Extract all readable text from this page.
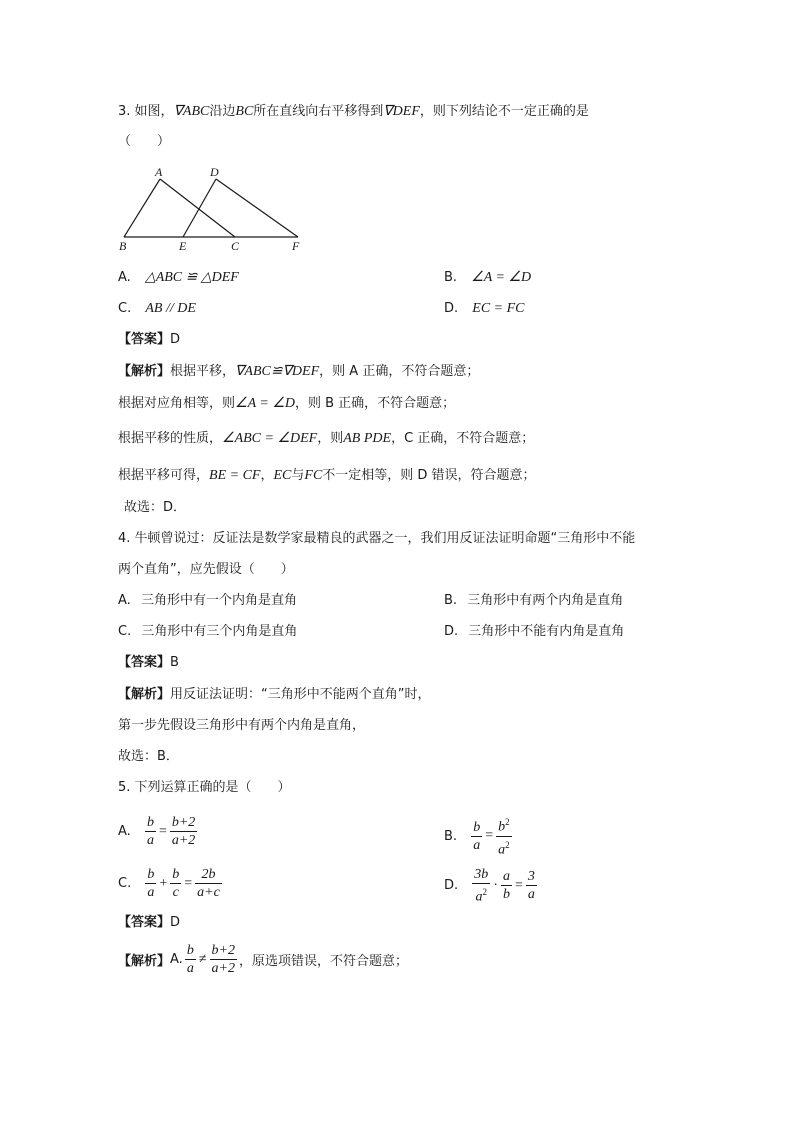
3. 如图，∇ABC沿边BC所在直线向右平移得到∇DEF，则下列结论不一定正确的是
（　　）
A	D
B	E	C	F
A. △ABC ≌ △DEF	B. ∠A = ∠D
C. AB // DE	D. EC = FC
【答案】D
【解析】根据平移，∇ABC≌∇DEF，则 A 正确，不符合题意；
根据对应角相等，则∠A = ∠D，则 B 正确，不符合题意；
根据平移的性质，∠ABC = ∠DEF，则AB PDE，C 正确，不符合题意；
根据平移可得，BE = CF，EC与FC不一定相等，则 D 错误，符合题意；
故选：D．
4. 牛顿曾说过：反证法是数学家最精良的武器之一，我们用反证法证明命题“三角形中不能
两个直角”，应先假设（　　）
A. 三角形中有一个内角是直角	B. 三角形中有两个内角是直角
C. 三角形中有三个内角是直角	D. 三角形中不能有内角是直角
【答案】B
【解析】用反证法证明：“三角形中不能两个直角”时，
第一步先假设三角形中有两个内角是直角，
故选：B．
5. 下列运算正确的是（　　）
A. $\frac{b}{a} = \frac{b+2}{a+2}$	B. $\frac{b}{a} = \frac{b^2}{a^2}$
C. $\frac{b}{a} + \frac{b}{c} = \frac{2b}{a+c}$	D. $\frac{3b}{a^2} \cdot \frac{a}{b} = \frac{3}{a}$
【答案】D
【解析】A. $\frac{b}{a} \ne \frac{b+2}{a+2}$ ，原选项错误，不符合题意；
